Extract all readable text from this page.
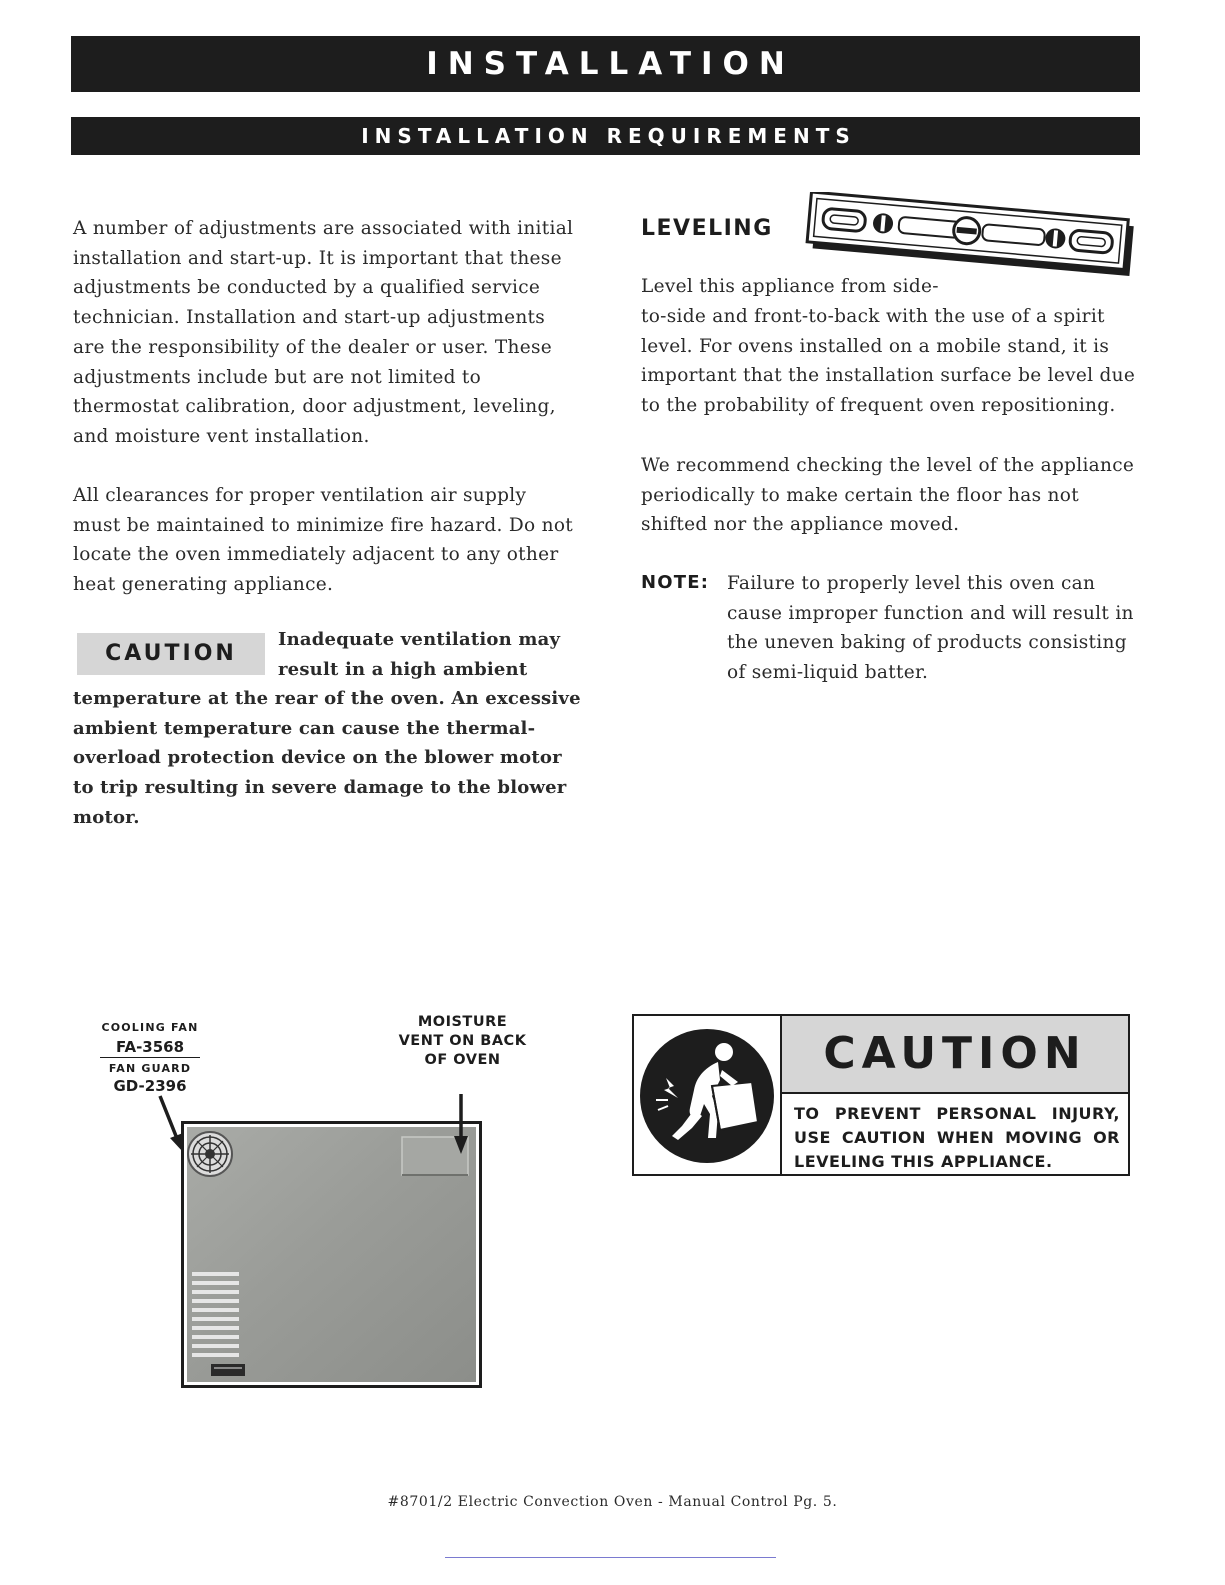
INSTALLATION
INSTALLATION REQUIREMENTS

A number of adjustments are associated with initial installation and start-up. It is important that these adjustments be conducted by a qualified service technician. Installation and start-up adjustments are the responsibility of the dealer or user. These adjustments include but are not limited to thermostat calibration, door adjustment, leveling, and moisture vent installation.

All clearances for proper ventilation air supply must be maintained to minimize fire hazard. Do not locate the oven immediately adjacent to any other heat generating appliance.

CAUTION

Inadequate ventilation may result in a high ambient

temperature at the rear of the oven. An excessive ambient temperature can cause the thermal-overload protection device on the blower motor to trip resulting in severe damage to the blower motor.

LEVELING

Level this appliance from side-

to-side and front-to-back with the use of a spirit level. For ovens installed on a mobile stand, it is important that the installation surface be level due to the probability of frequent oven repositioning.

We recommend checking the level of the appliance periodically to make certain the floor has not shifted nor the appliance moved.

NOTE: Failure to properly level this oven can cause improper function and will result in the uneven baking of products consisting of semi-liquid batter.

COOLING FAN
FA-3568
FAN GUARD
GD-2396
MOISTURE VENT ON BACK OF OVEN	CAUTION

TO PREVENT PERSONAL INJURY, USE CAUTION WHEN MOVING OR LEVELING THIS APPLIANCE.

#8701/2 Electric Convection Oven - Manual Control Pg. 5.
